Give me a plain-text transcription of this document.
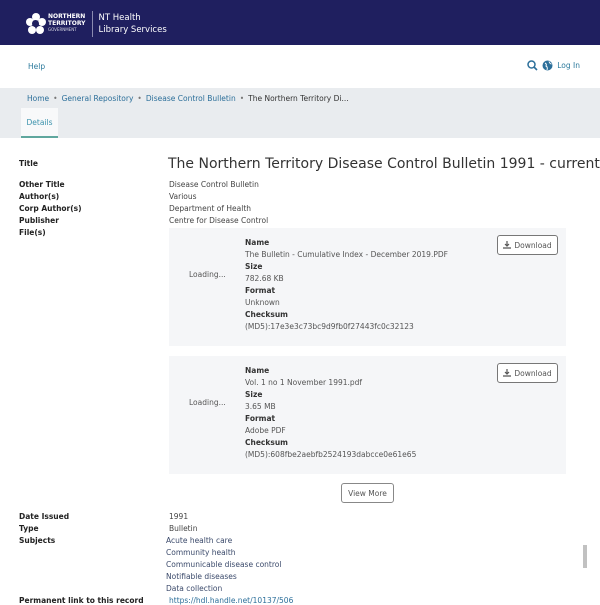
NORTHERN
TERRITORY
GOVERNMENT
NT Health
Library Services
Help	Log In
Home • General Repository • Disease Control Bulletin • The Northern Territory Di...
Details
Title	The Northern Territory Disease Control Bulletin 1991 - current
Other Title	Disease Control Bulletin
Author(s)	Various
Corp Author(s)	Department of Health
Publisher	Centre for Disease Control
File(s)
Loading...
Name
The Bulletin - Cumulative Index - December 2019.PDF
Size
782.68 KB
Format
Unknown
Checksum
(MD5):17e3e3c73bc9d9fb0f27443fc0c32123
Download
Loading...
Name
Vol. 1 no 1 November 1991.pdf
Size
3.65 MB
Format
Adobe PDF
Checksum
(MD5):608fbe2aebfb2524193dabcce0e61e65
Download
View More
Date Issued	1991
Type	Bulletin
Subjects	Acute health care
Community health
Communicable disease control
Notifiable diseases
Data collection
Permanent link to this record	https://hdl.handle.net/10137/506
